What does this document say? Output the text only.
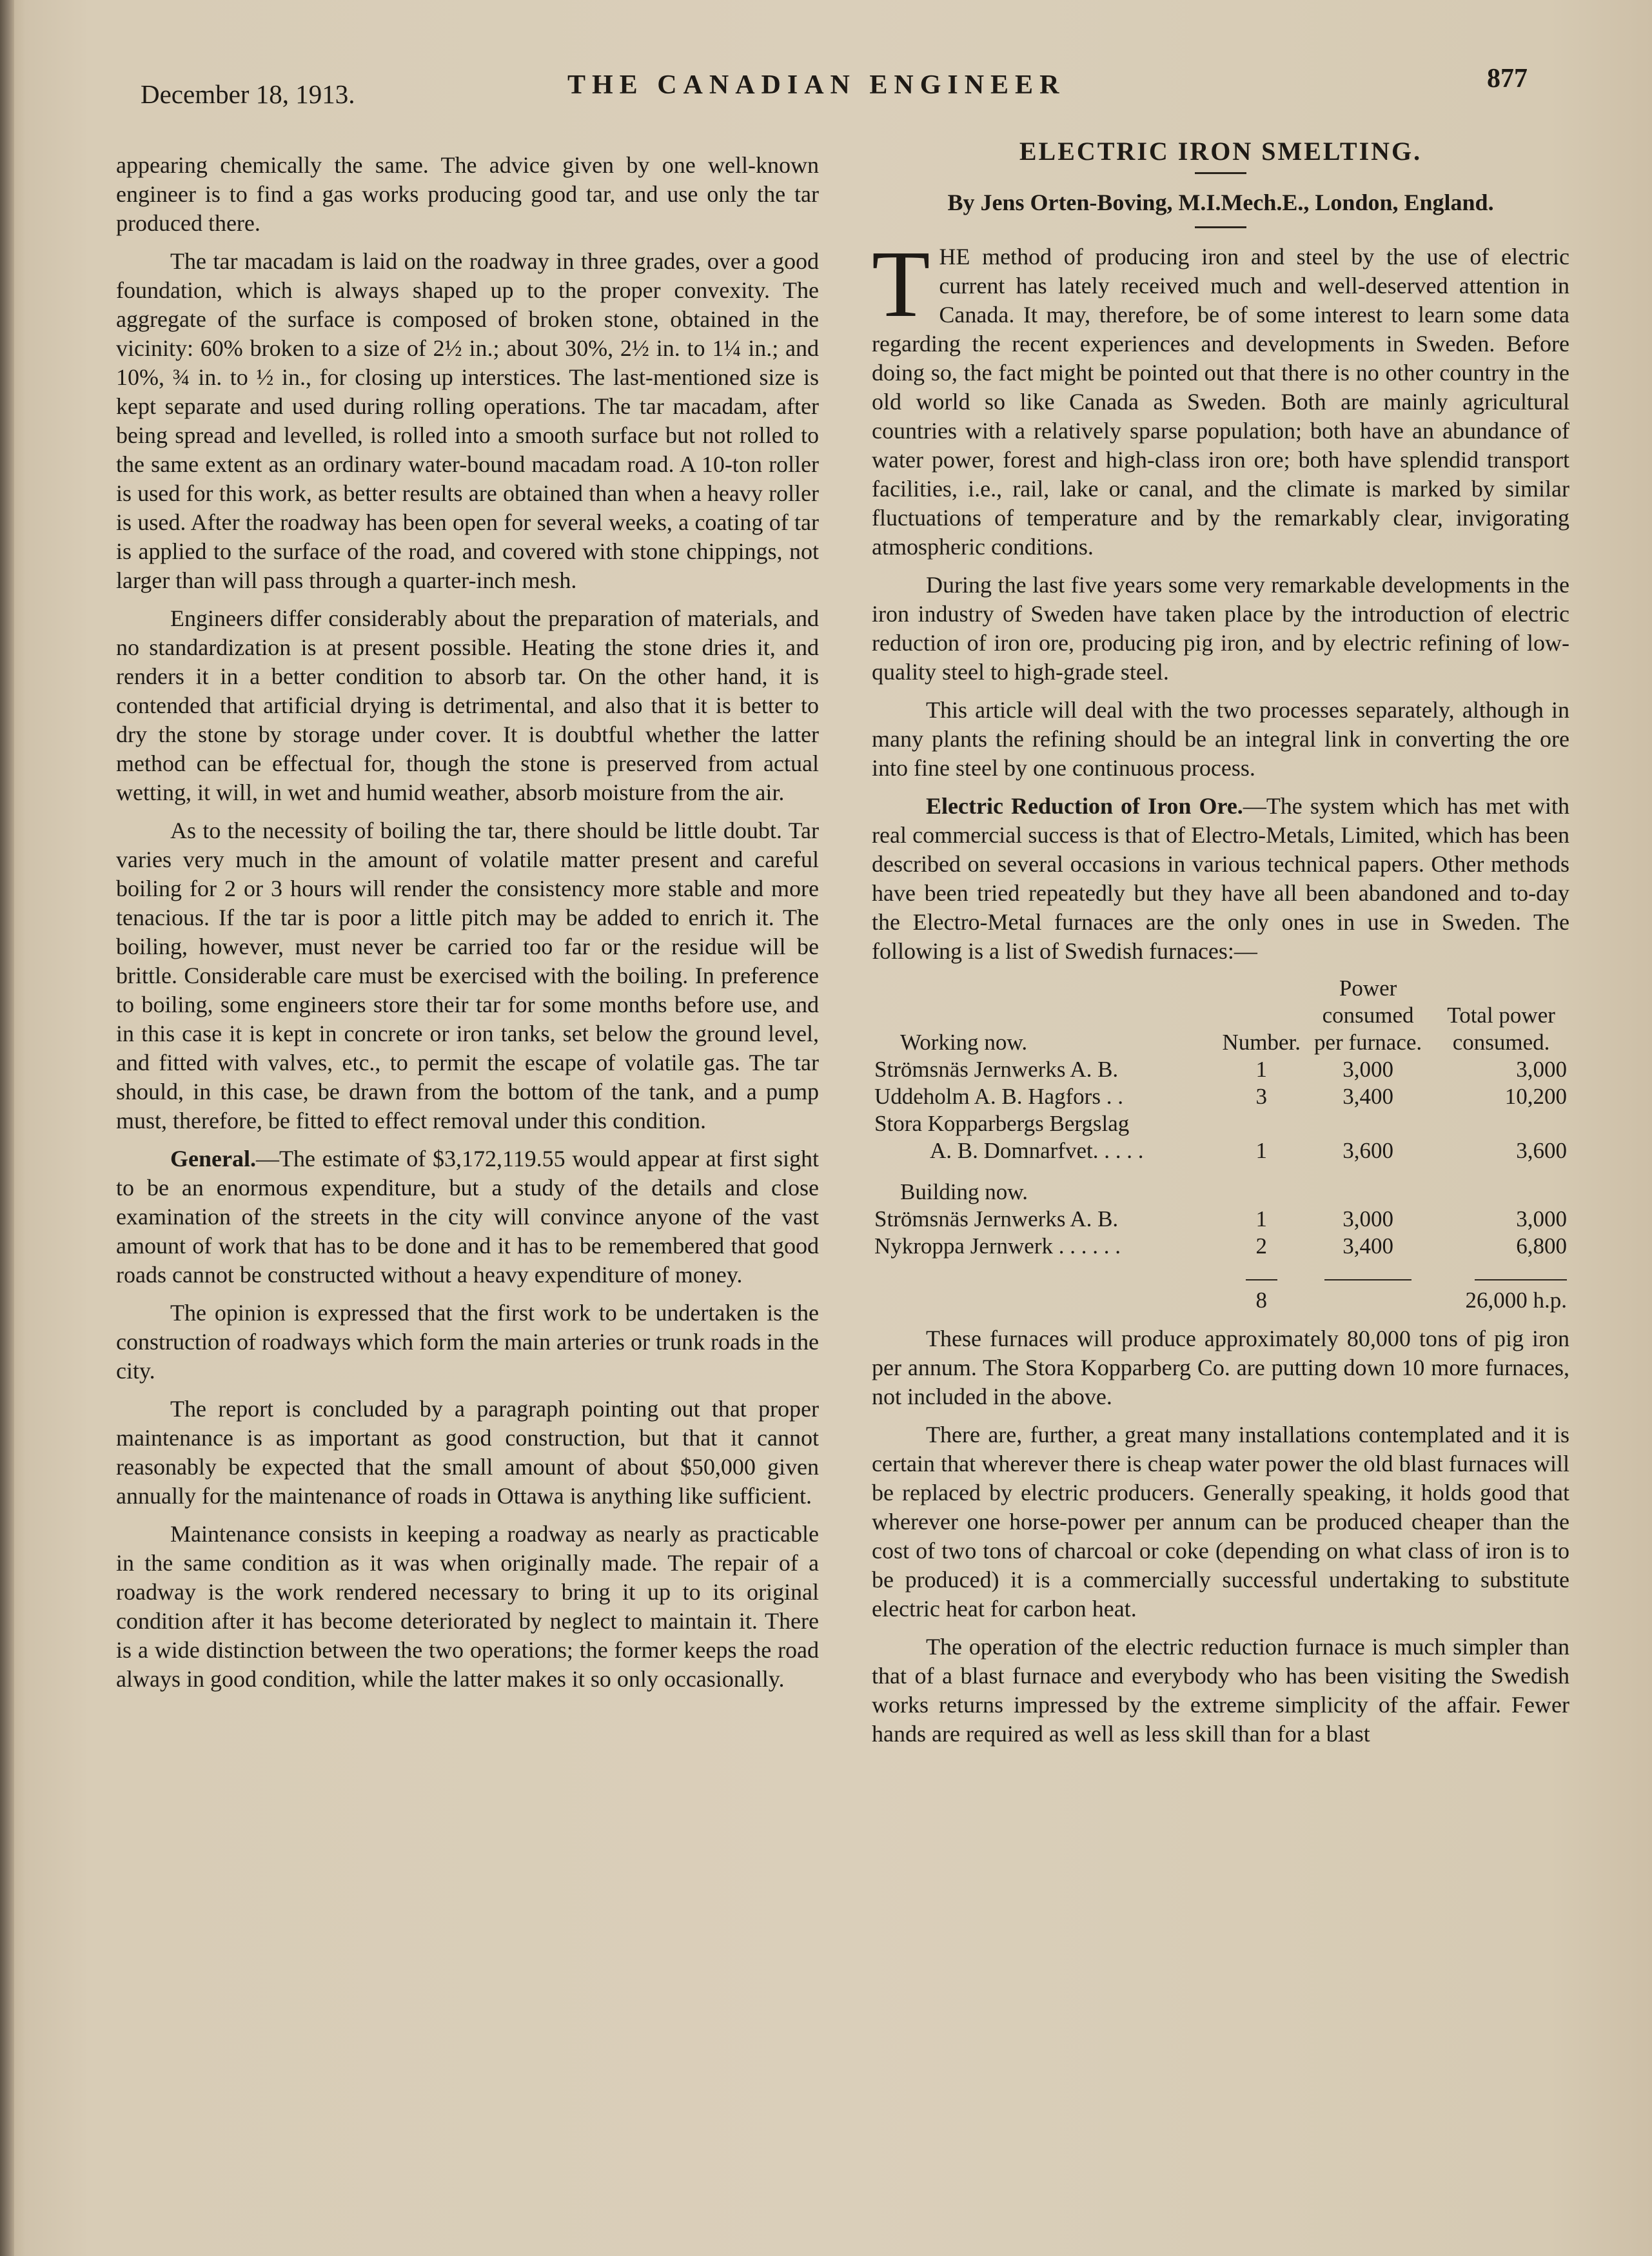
December 18, 1913.	THE CANADIAN ENGINEER	877

appearing chemically the same. The advice given by one well-known engineer is to find a gas works producing good tar, and use only the tar produced there.

The tar macadam is laid on the roadway in three grades, over a good foundation, which is always shaped up to the proper convexity. The aggregate of the surface is composed of broken stone, obtained in the vicinity: 60% broken to a size of 2½ in.; about 30%, 2½ in. to 1¼ in.; and 10%, ¾ in. to ½ in., for closing up interstices. The last-mentioned size is kept separate and used during rolling operations. The tar macadam, after being spread and levelled, is rolled into a smooth surface but not rolled to the same extent as an ordinary water-bound macadam road. A 10-ton roller is used for this work, as better results are obtained than when a heavy roller is used. After the roadway has been open for several weeks, a coating of tar is applied to the surface of the road, and covered with stone chippings, not larger than will pass through a quarter-inch mesh.

Engineers differ considerably about the preparation of materials, and no standardization is at present possible. Heating the stone dries it, and renders it in a better condition to absorb tar. On the other hand, it is contended that artificial drying is detrimental, and also that it is better to dry the stone by storage under cover. It is doubtful whether the latter method can be effectual for, though the stone is preserved from actual wetting, it will, in wet and humid weather, absorb moisture from the air.

As to the necessity of boiling the tar, there should be little doubt. Tar varies very much in the amount of volatile matter present and careful boiling for 2 or 3 hours will render the consistency more stable and more tenacious. If the tar is poor a little pitch may be added to enrich it. The boiling, however, must never be carried too far or the residue will be brittle. Considerable care must be exercised with the boiling. In preference to boiling, some engineers store their tar for some months before use, and in this case it is kept in concrete or iron tanks, set below the ground level, and fitted with valves, etc., to permit the escape of volatile gas. The tar should, in this case, be drawn from the bottom of the tank, and a pump must, therefore, be fitted to effect removal under this condition.

General.—The estimate of $3,172,119.55 would appear at first sight to be an enormous expenditure, but a study of the details and close examination of the streets in the city will convince anyone of the vast amount of work that has to be done and it has to be remembered that good roads cannot be constructed without a heavy expenditure of money.

The opinion is expressed that the first work to be undertaken is the construction of roadways which form the main arteries or trunk roads in the city.

The report is concluded by a paragraph pointing out that proper maintenance is as important as good construction, but that it cannot reasonably be expected that the small amount of about $50,000 given annually for the maintenance of roads in Ottawa is anything like sufficient.

Maintenance consists in keeping a roadway as nearly as practicable in the same condition as it was when originally made. The repair of a roadway is the work rendered necessary to bring it up to its original condition after it has become deteriorated by neglect to maintain it. There is a wide distinction between the two operations; the former keeps the road always in good condition, while the latter makes it so only occasionally.

ELECTRIC IRON SMELTING.
By Jens Orten-Boving, M.I.Mech.E., London, England.

THE method of producing iron and steel by the use of electric current has lately received much and well-deserved attention in Canada. It may, therefore, be of some interest to learn some data regarding the recent experiences and developments in Sweden. Before doing so, the fact might be pointed out that there is no other country in the old world so like Canada as Sweden. Both are mainly agricultural countries with a relatively sparse population; both have an abundance of water power, forest and high-class iron ore; both have splendid transport facilities, i.e., rail, lake or canal, and the climate is marked by similar fluctuations of temperature and by the remarkably clear, invigorating atmospheric conditions.

During the last five years some very remarkable developments in the iron industry of Sweden have taken place by the introduction of electric reduction of iron ore, producing pig iron, and by electric refining of low-quality steel to high-grade steel.

This article will deal with the two processes separately, although in many plants the refining should be an integral link in converting the ore into fine steel by one continuous process.

Electric Reduction of Iron Ore.—The system which has met with real commercial success is that of Electro-Metals, Limited, which has been described on several occasions in various technical papers. Other methods have been tried repeatedly but they have all been abandoned and to-day the Electro-Metal furnaces are the only ones in use in Sweden. The following is a list of Swedish furnaces:—

Working now.	Number.	Power consumed per furnace.	Total power consumed.
Strömsnäs Jernwerks A. B.	1	3,000	3,000
Uddeholm A. B. Hagfors . .	3	3,400	10,200
Stora Kopparbergs Bergslag			
A. B. Domnarfvet. . . . .	1	3,600	3,600
Building now.			
Strömsnäs Jernwerks A. B.	1	3,000	3,000
Nykroppa Jernwerk . . . . . .	2	3,400	6,800

	8		26,000 h.p.

These furnaces will produce approximately 80,000 tons of pig iron per annum. The Stora Kopparberg Co. are putting down 10 more furnaces, not included in the above.

There are, further, a great many installations contemplated and it is certain that wherever there is cheap water power the old blast furnaces will be replaced by electric producers. Generally speaking, it holds good that wherever one horse-power per annum can be produced cheaper than the cost of two tons of charcoal or coke (depending on what class of iron is to be produced) it is a commercially successful undertaking to substitute electric heat for carbon heat.

The operation of the electric reduction furnace is much simpler than that of a blast furnace and everybody who has been visiting the Swedish works returns impressed by the extreme simplicity of the affair. Fewer hands are required as well as less skill than for a blast
